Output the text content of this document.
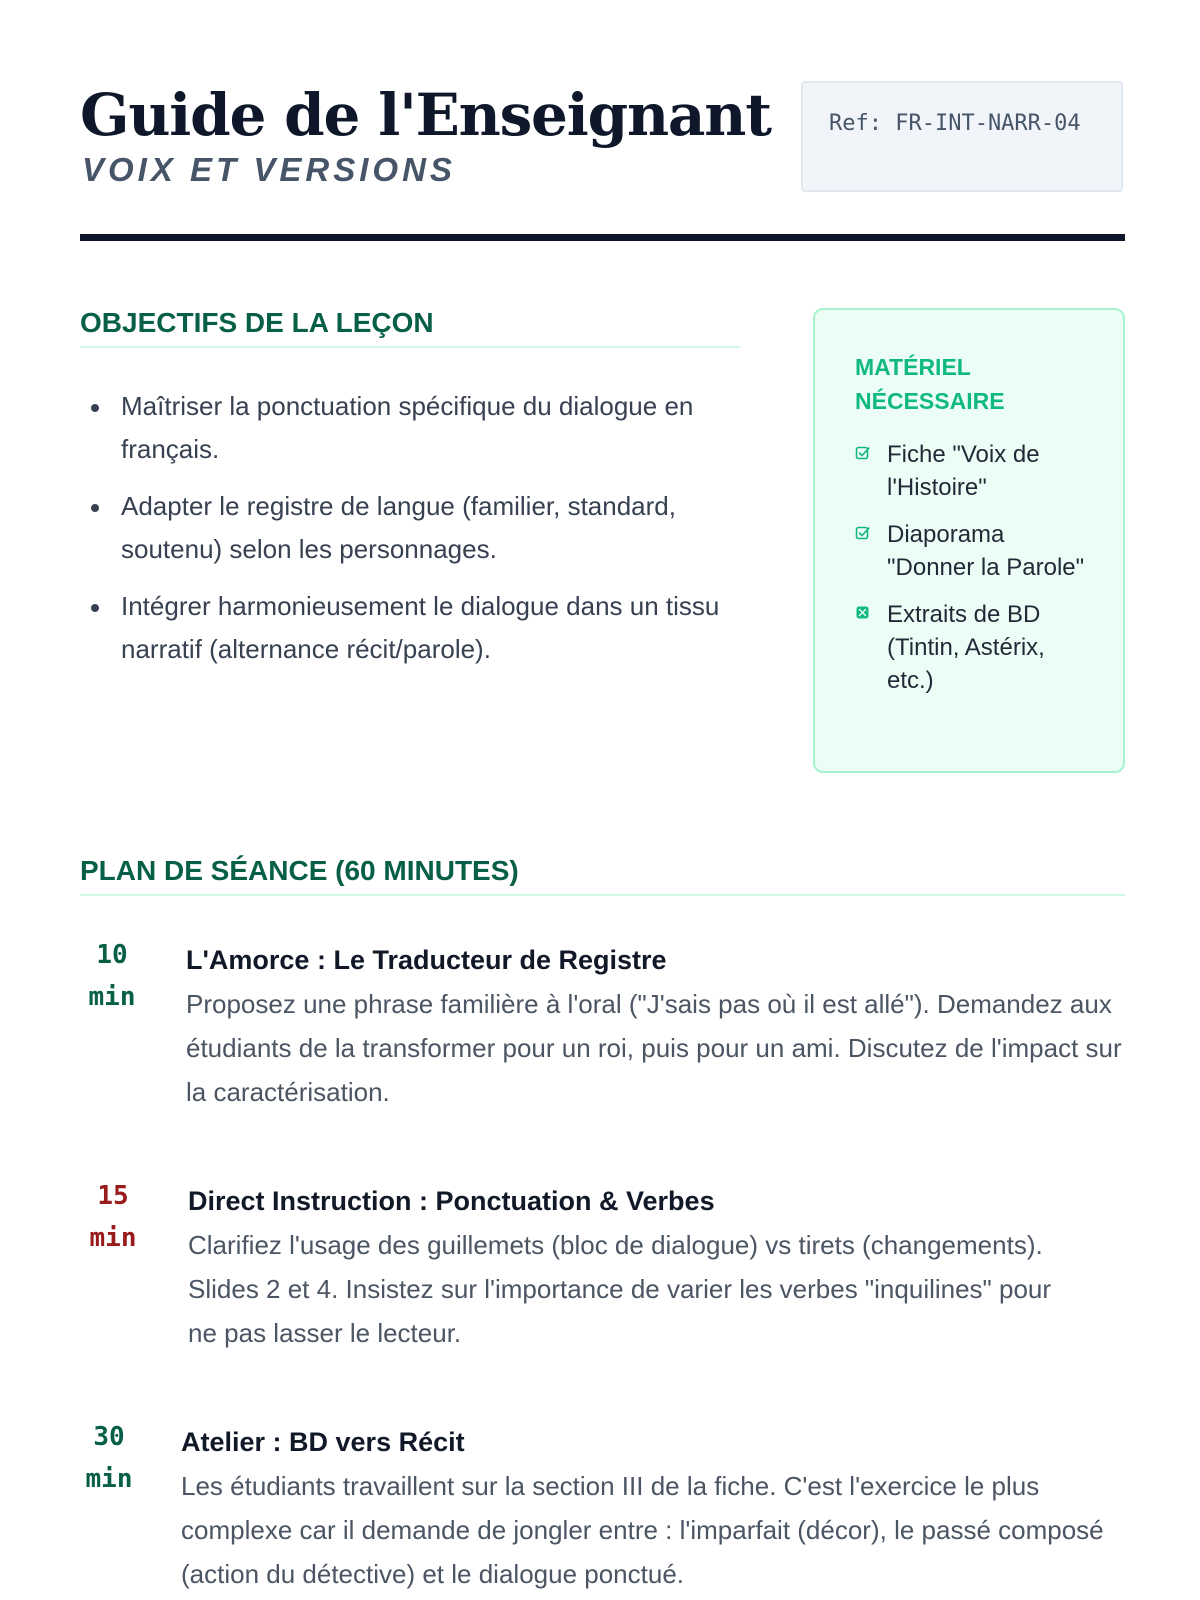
Guide de l'Enseignant
VOIX ET VERSIONS
Ref: FR-INT-NARR-04
OBJECTIFS DE LA LEÇON
Maîtriser la ponctuation spécifique du dialogue en français.
Adapter le registre de langue (familier, standard, soutenu) selon les personnages.
Intégrer harmonieusement le dialogue dans un tissu narratif (alternance récit/parole).
MATÉRIEL NÉCESSAIRE
Fiche "Voix de l'Histoire"
Diaporama "Donner la Parole"
Extraits de BD (Tintin, Astérix, etc.)
PLAN DE SÉANCE (60 MINUTES)
10
min
L'Amorce : Le Traducteur de Registre

Proposez une phrase familière à l'oral ("J'sais pas où il est allé"). Demandez aux étudiants de la transformer pour un roi, puis pour un ami. Discutez de l'impact sur la caractérisation.

15
min
Direct Instruction : Ponctuation & Verbes

Clarifiez l'usage des guillemets (bloc de dialogue) vs tirets (changements). Slides 2 et 4. Insistez sur l'importance de varier les verbes "inquilines" pour ne pas lasser le lecteur.

30
min
Atelier : BD vers Récit

Les étudiants travaillent sur la section III de la fiche. C'est l'exercice le plus complexe car il demande de jongler entre : l'imparfait (décor), le passé composé (action du détective) et le dialogue ponctué.
